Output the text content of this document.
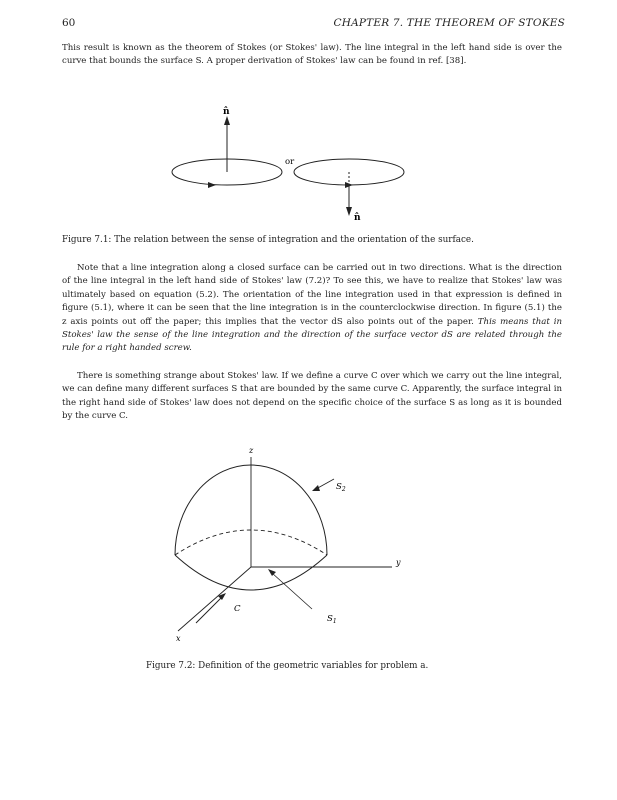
60	CHAPTER 7. THE THEOREM OF STOKES

This result is known as the theorem of Stokes (or Stokes' law). The line integral in the left hand side is over the curve that bounds the surface S. A proper derivation of Stokes' law can be found in ref. [38].

n̂
or
n̂
Figure 7.1: The relation between the sense of integration and the orientation of the surface.

Note that a line integration along a closed surface can be carried out in two directions. What is the direction of the line integral in the left hand side of Stokes' law (7.2)? To see this, we have to realize that Stokes' law was ultimately based on equation (5.2). The orientation of the line integration used in that expression is defined in figure (5.1), where it can be seen that the line integration is in the counterclockwise direction. In figure (5.1) the z axis points out off the paper; this implies that the vector dS also points out of the paper. This means that in Stokes' law the sense of the line integration and the direction of the surface vector dS are related through the rule for a right handed screw.

There is something strange about Stokes' law. If we define a curve C over which we carry out the line integral, we can define many different surfaces S that are bounded by the same curve C. Apparently, the surface integral in the right hand side of Stokes' law does not depend on the specific choice of the surface S as long as it is bounded by the curve C.

z
y
x
$S_2$
$S_1$
C
Figure 7.2: Definition of the geometric variables for problem a.
